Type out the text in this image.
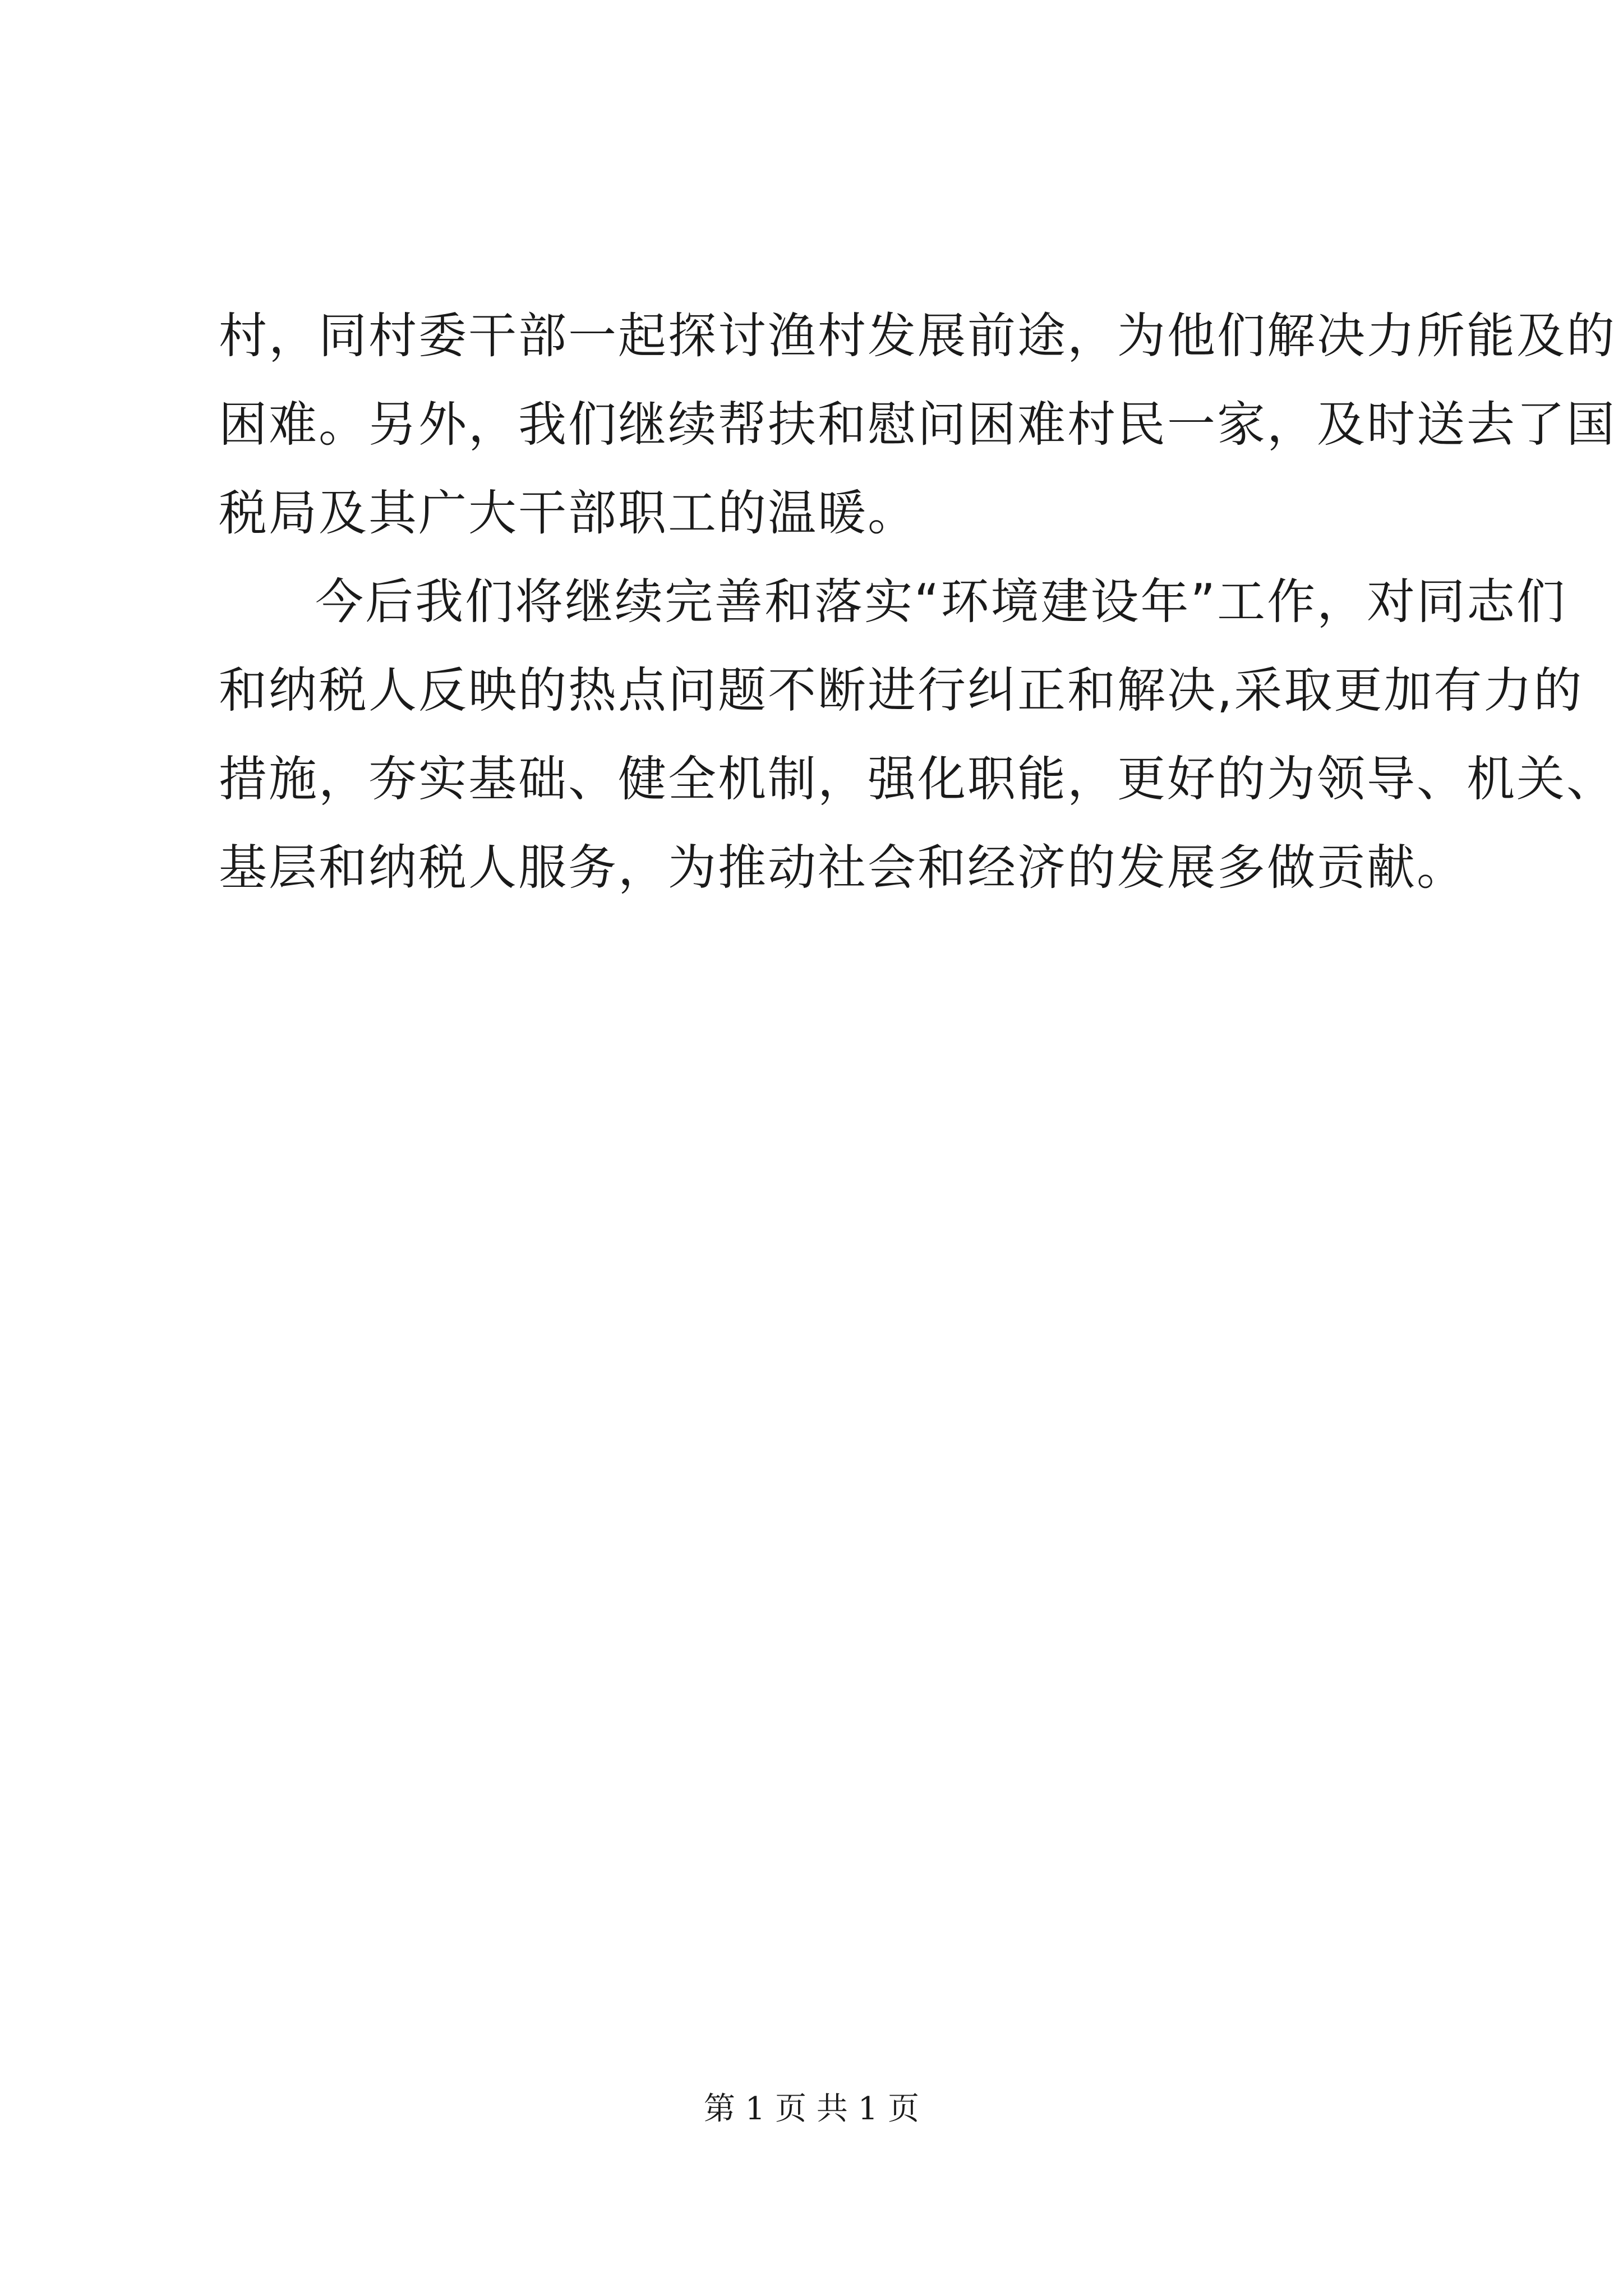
村，同村委干部一起探讨渔村发展前途，为他们解决力所能及的
困难。另外，我们继续帮扶和慰问困难村民一家，及时送去了国
税局及其广大干部职工的温暖。
今后我们将继续完善和落实“环境建设年”工作，对同志们
和纳税人反映的热点问题不断进行纠正和解决,采取更加有力的
措施，夯实基础、健全机制，强化职能，更好的为领导、机关、
基层和纳税人服务，为推动社会和经济的发展多做贡献。
第 1 页 共 1 页
